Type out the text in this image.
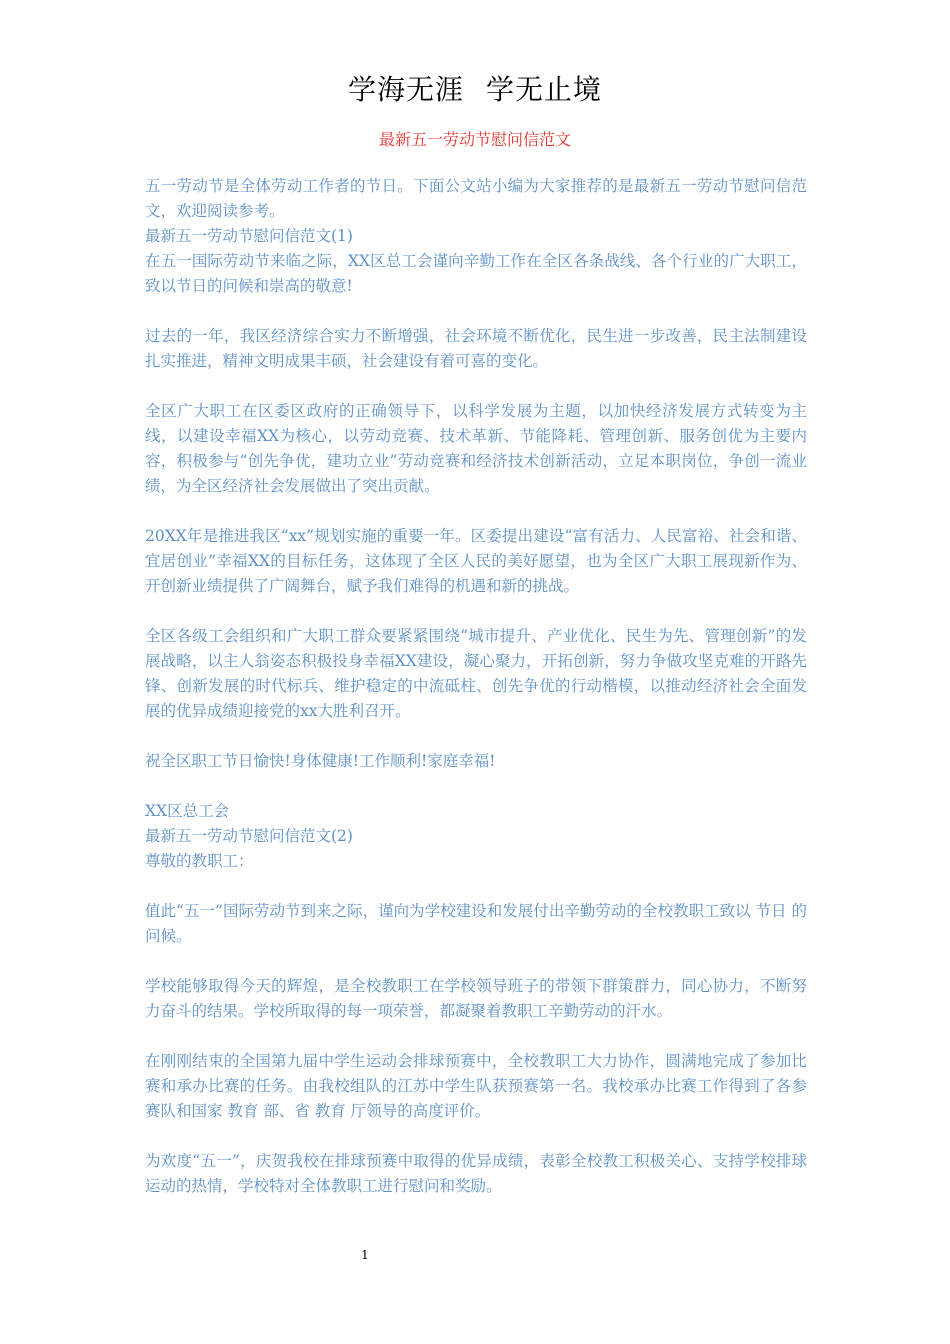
学海无涯 学无止境
最新五一劳动节慰问信范文

五一劳动节是全体劳动工作者的节日。下面公文站小编为大家推荐的是最新五一劳动节慰问信范文，欢迎阅读参考。

最新五一劳动节慰问信范文(1)

在五一国际劳动节来临之际，XX区总工会谨向辛勤工作在全区各条战线、各个行业的广大职工，致以节日的问候和崇高的敬意!

过去的一年，我区经济综合实力不断增强，社会环境不断优化，民生进一步改善，民主法制建设扎实推进，精神文明成果丰硕，社会建设有着可喜的变化。

全区广大职工在区委区政府的正确领导下，以科学发展为主题，以加快经济发展方式转变为主线，以建设幸福XX为核心，以劳动竞赛、技术革新、节能降耗、管理创新、服务创优为主要内容，积极参与“创先争优，建功立业”劳动竞赛和经济技术创新活动，立足本职岗位，争创一流业绩，为全区经济社会发展做出了突出贡献。

20XX年是推进我区“xx”规划实施的重要一年。区委提出建设“富有活力、人民富裕、社会和谐、宜居创业”幸福XX的目标任务，这体现了全区人民的美好愿望，也为全区广大职工展现新作为、开创新业绩提供了广阔舞台，赋予我们难得的机遇和新的挑战。

全区各级工会组织和广大职工群众要紧紧围绕“城市提升、产业优化、民生为先、管理创新”的发展战略，以主人翁姿态积极投身幸福XX建设，凝心聚力，开拓创新，努力争做攻坚克难的开路先锋、创新发展的时代标兵、维护稳定的中流砥柱、创先争优的行动楷模，以推动经济社会全面发展的优异成绩迎接党的xx大胜利召开。

祝全区职工节日愉快!身体健康!工作顺利!家庭幸福!

XX区总工会

最新五一劳动节慰问信范文(2)

尊敬的教职工：

值此“五一”国际劳动节到来之际，谨向为学校建设和发展付出辛勤劳动的全校教职工致以 节日 的问候。

学校能够取得今天的辉煌，是全校教职工在学校领导班子的带领下群策群力，同心协力，不断努力奋斗的结果。学校所取得的每一项荣誉，都凝聚着教职工辛勤劳动的汗水。

在刚刚结束的全国第九届中学生运动会排球预赛中，全校教职工大力协作，圆满地完成了参加比赛和承办比赛的任务。由我校组队的江苏中学生队获预赛第一名。我校承办比赛工作得到了各参赛队和国家 教育 部、省 教育 厅领导的高度评价。

为欢度“五一”，庆贺我校在排球预赛中取得的优异成绩，表彰全校教工积极关心、支持学校排球运动的热情，学校特对全体教职工进行慰问和奖励。

1
